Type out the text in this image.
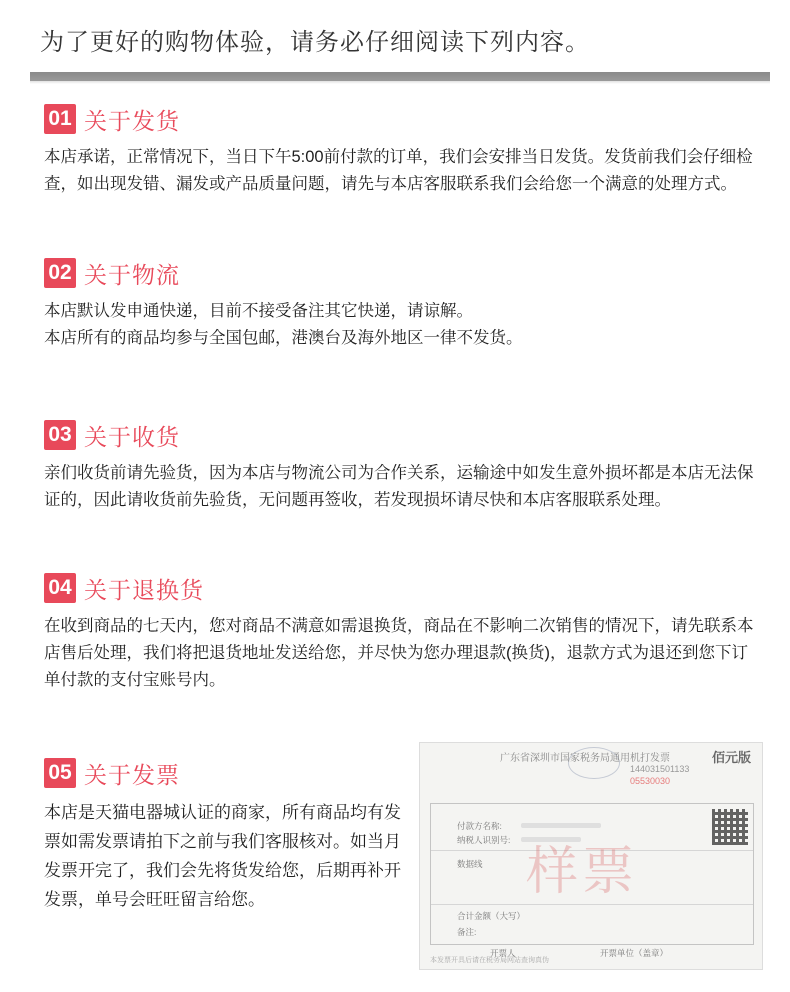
为了更好的购物体验，请务必仔细阅读下列内容。
01 关于发货

本店承诺，正常情况下，当日下午5:00前付款的订单，我们会安排当日发货。发货前我们会仔细检查，如出现发错、漏发或产品质量问题，请先与本店客服联系我们会给您一个满意的处理方式。

02 关于物流

本店默认发申通快递，目前不接受备注其它快递，请谅解。

本店所有的商品均参与全国包邮，港澳台及海外地区一律不发货。

03 关于收货

亲们收货前请先验货，因为本店与物流公司为合作关系，运输途中如发生意外损坏都是本店无法保证的，因此请收货前先验货，无问题再签收，若发现损坏请尽快和本店客服联系处理。

04 关于退换货

在收到商品的七天内，您对商品不满意如需退换货，商品在不影响二次销售的情况下，请先联系本店售后处理，我们将把退货地址发送给您，并尽快为您办理退款(换货)，退款方式为退还到您下订单付款的支付宝账号内。

05 关于发票

本店是天猫电器城认证的商家，所有商品均有发票如需发票请拍下之前与我们客服核对。如当月发票开完了，我们会先将货发给您，后期再补开发票，单号会旺旺留言给您。

广东省深圳市国家税务局通用机打发票	佰元版
144031501133
05530030
付款方名称:
纳税人识别号:
数据线
合计金额（大写）
备注:
样票
开票人	开票单位（盖章）
本发票开具后请在税务局网站查询真伪
